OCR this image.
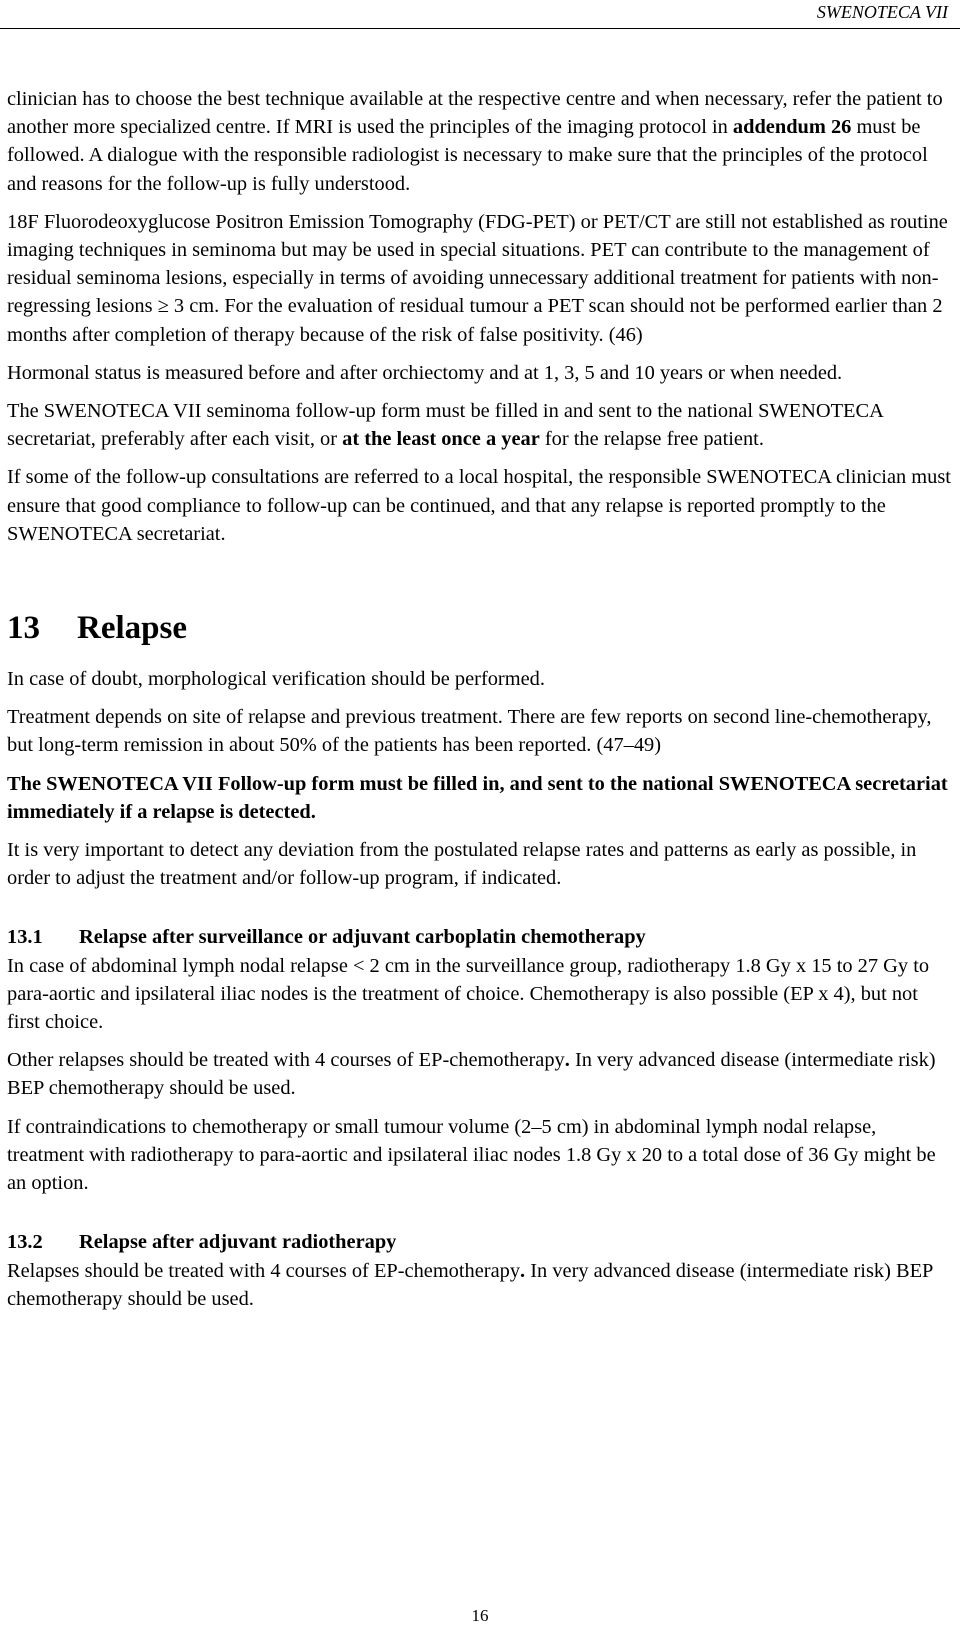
SWENOTECA VII

clinician has to choose the best technique available at the respective centre and when necessary, refer the patient to another more specialized centre. If MRI is used the principles of the imaging protocol in addendum 26 must be followed. A dialogue with the responsible radiologist is necessary to make sure that the principles of the protocol and reasons for the follow-up is fully understood.

18F Fluorodeoxyglucose Positron Emission Tomography (FDG-PET) or PET/CT are still not established as routine imaging techniques in seminoma but may be used in special situations. PET can contribute to the management of residual seminoma lesions, especially in terms of avoiding unnecessary additional treatment for patients with non-regressing lesions ≥ 3 cm. For the evaluation of residual tumour a PET scan should not be performed earlier than 2 months after completion of therapy because of the risk of false positivity. (46)

Hormonal status is measured before and after orchiectomy and at 1, 3, 5 and 10 years or when needed.

The SWENOTECA VII seminoma follow-up form must be filled in and sent to the national SWENOTECA secretariat, preferably after each visit, or at the least once a year for the relapse free patient.

If some of the follow-up consultations are referred to a local hospital, the responsible SWENOTECA clinician must ensure that good compliance to follow-up can be continued, and that any relapse is reported promptly to the SWENOTECA secretariat.

13 Relapse

In case of doubt, morphological verification should be performed.

Treatment depends on site of relapse and previous treatment. There are few reports on second line-chemotherapy, but long-term remission in about 50% of the patients has been reported. (47–49)

The SWENOTECA VII Follow-up form must be filled in, and sent to the national SWENOTECA secretariat immediately if a relapse is detected.

It is very important to detect any deviation from the postulated relapse rates and patterns as early as possible, in order to adjust the treatment and/or follow-up program, if indicated.

13.1 Relapse after surveillance or adjuvant carboplatin chemotherapy

In case of abdominal lymph nodal relapse < 2 cm in the surveillance group, radiotherapy 1.8 Gy x 15 to 27 Gy to para-aortic and ipsilateral iliac nodes is the treatment of choice. Chemotherapy is also possible (EP x 4), but not first choice.

Other relapses should be treated with 4 courses of EP-chemotherapy. In very advanced disease (intermediate risk) BEP chemotherapy should be used.

If contraindications to chemotherapy or small tumour volume (2–5 cm) in abdominal lymph nodal relapse, treatment with radiotherapy to para-aortic and ipsilateral iliac nodes 1.8 Gy x 20 to a total dose of 36 Gy might be an option.

13.2 Relapse after adjuvant radiotherapy

Relapses should be treated with 4 courses of EP-chemotherapy. In very advanced disease (intermediate risk) BEP chemotherapy should be used.

16
